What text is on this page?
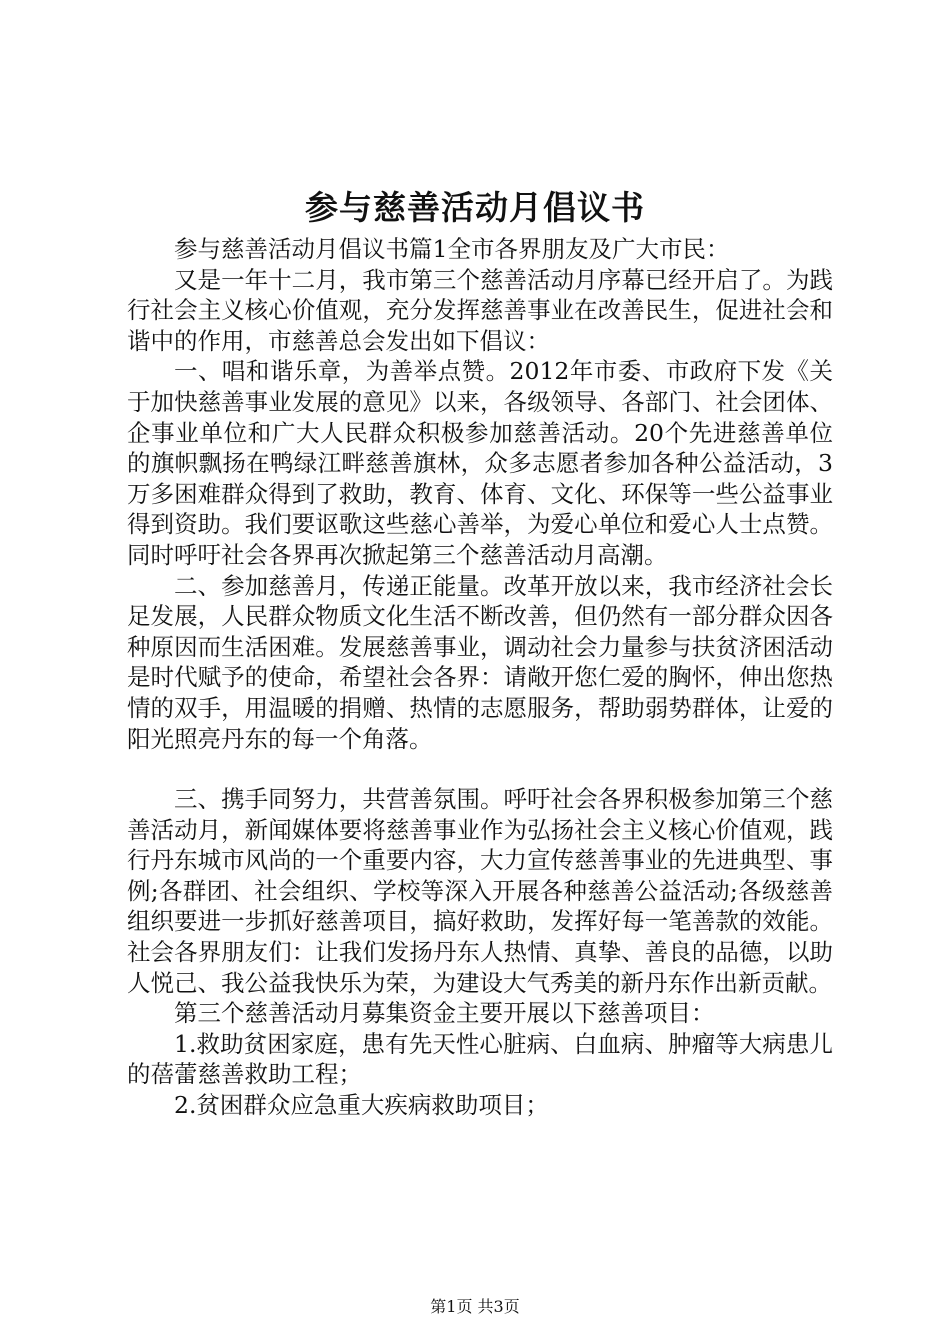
参与慈善活动月倡议书

参与慈善活动月倡议书篇1全市各界朋友及广大市民：

又是一年十二月，我市第三个慈善活动月序幕已经开启了。为践行社会主义核心价值观，充分发挥慈善事业在改善民生，促进社会和谐中的作用，市慈善总会发出如下倡议：

一、唱和谐乐章，为善举点赞。2012年市委、市政府下发《关于加快慈善事业发展的意见》以来，各级领导、各部门、社会团体、企事业单位和广大人民群众积极参加慈善活动。20个先进慈善单位的旗帜飘扬在鸭绿江畔慈善旗林，众多志愿者参加各种公益活动，3万多困难群众得到了救助，教育、体育、文化、环保等一些公益事业得到资助。我们要讴歌这些慈心善举，为爱心单位和爱心人士点赞。同时呼吁社会各界再次掀起第三个慈善活动月高潮。

二、参加慈善月，传递正能量。改革开放以来，我市经济社会长足发展，人民群众物质文化生活不断改善，但仍然有一部分群众因各种原因而生活困难。发展慈善事业，调动社会力量参与扶贫济困活动是时代赋予的使命，希望社会各界：请敞开您仁爱的胸怀，伸出您热情的双手，用温暖的捐赠、热情的志愿服务，帮助弱势群体，让爱的阳光照亮丹东的每一个角落。

三、携手同努力，共营善氛围。呼吁社会各界积极参加第三个慈善活动月，新闻媒体要将慈善事业作为弘扬社会主义核心价值观，践行丹东城市风尚的一个重要内容，大力宣传慈善事业的先进典型、事例;各群团、社会组织、学校等深入开展各种慈善公益活动;各级慈善组织要进一步抓好慈善项目，搞好救助，发挥好每一笔善款的效能。社会各界朋友们：让我们发扬丹东人热情、真挚、善良的品德，以助人悦己、我公益我快乐为荣，为建设大气秀美的新丹东作出新贡献。

第三个慈善活动月募集资金主要开展以下慈善项目：

1.救助贫困家庭，患有先天性心脏病、白血病、肿瘤等大病患儿的蓓蕾慈善救助工程；

2.贫困群众应急重大疾病救助项目；

第1页 共3页
